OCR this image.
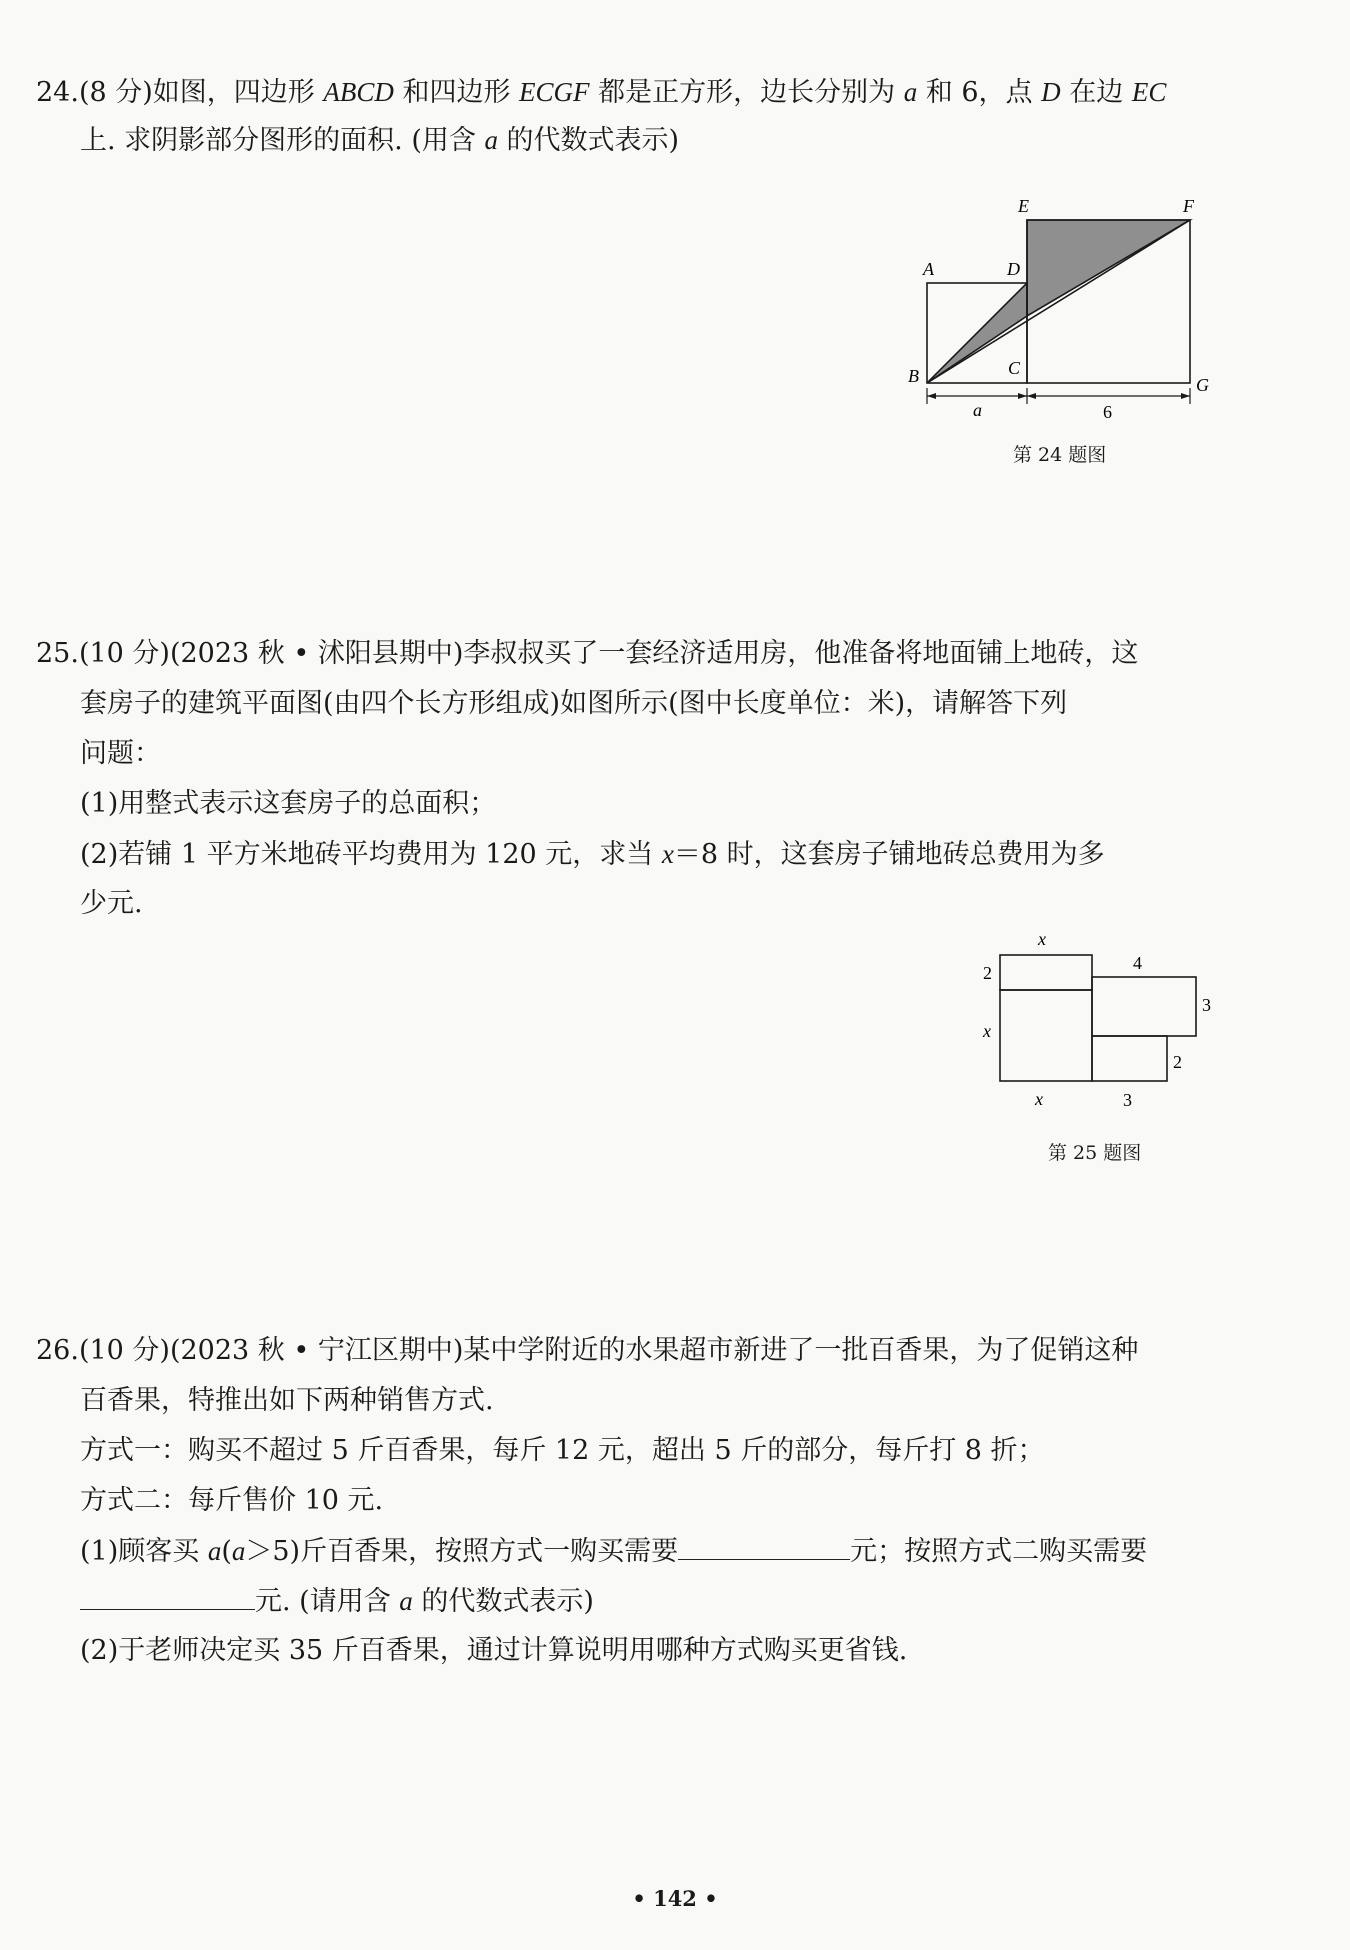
24.(8 分)如图，四边形 ABCD 和四边形 ECGF 都是正方形，边长分别为 a 和 6，点 D 在边 EC
上. 求阴影部分图形的面积. (用含 a 的代数式表示)
E	F
A	D
B	C
G
a	6
第 24 题图
25.(10 分)(2023 秋 • 沭阳县期中)李叔叔买了一套经济适用房，他准备将地面铺上地砖，这
套房子的建筑平面图(由四个长方形组成)如图所示(图中长度单位：米)，请解答下列
问题：
(1)用整式表示这套房子的总面积；
(2)若铺 1 平方米地砖平均费用为 120 元，求当 x＝8 时，这套房子铺地砖总费用为多
少元.
x
4
2
3
x
2
x	3
第 25 题图
26.(10 分)(2023 秋 • 宁江区期中)某中学附近的水果超市新进了一批百香果，为了促销这种
百香果，特推出如下两种销售方式.
方式一：购买不超过 5 斤百香果，每斤 12 元，超出 5 斤的部分，每斤打 8 折；
方式二：每斤售价 10 元.
(1)顾客买 a(a＞5)斤百香果，按照方式一购买需要	元；按照方式二购买需要
元. (请用含 a 的代数式表示)
(2)于老师决定买 35 斤百香果，通过计算说明用哪种方式购买更省钱.
• 142 •
